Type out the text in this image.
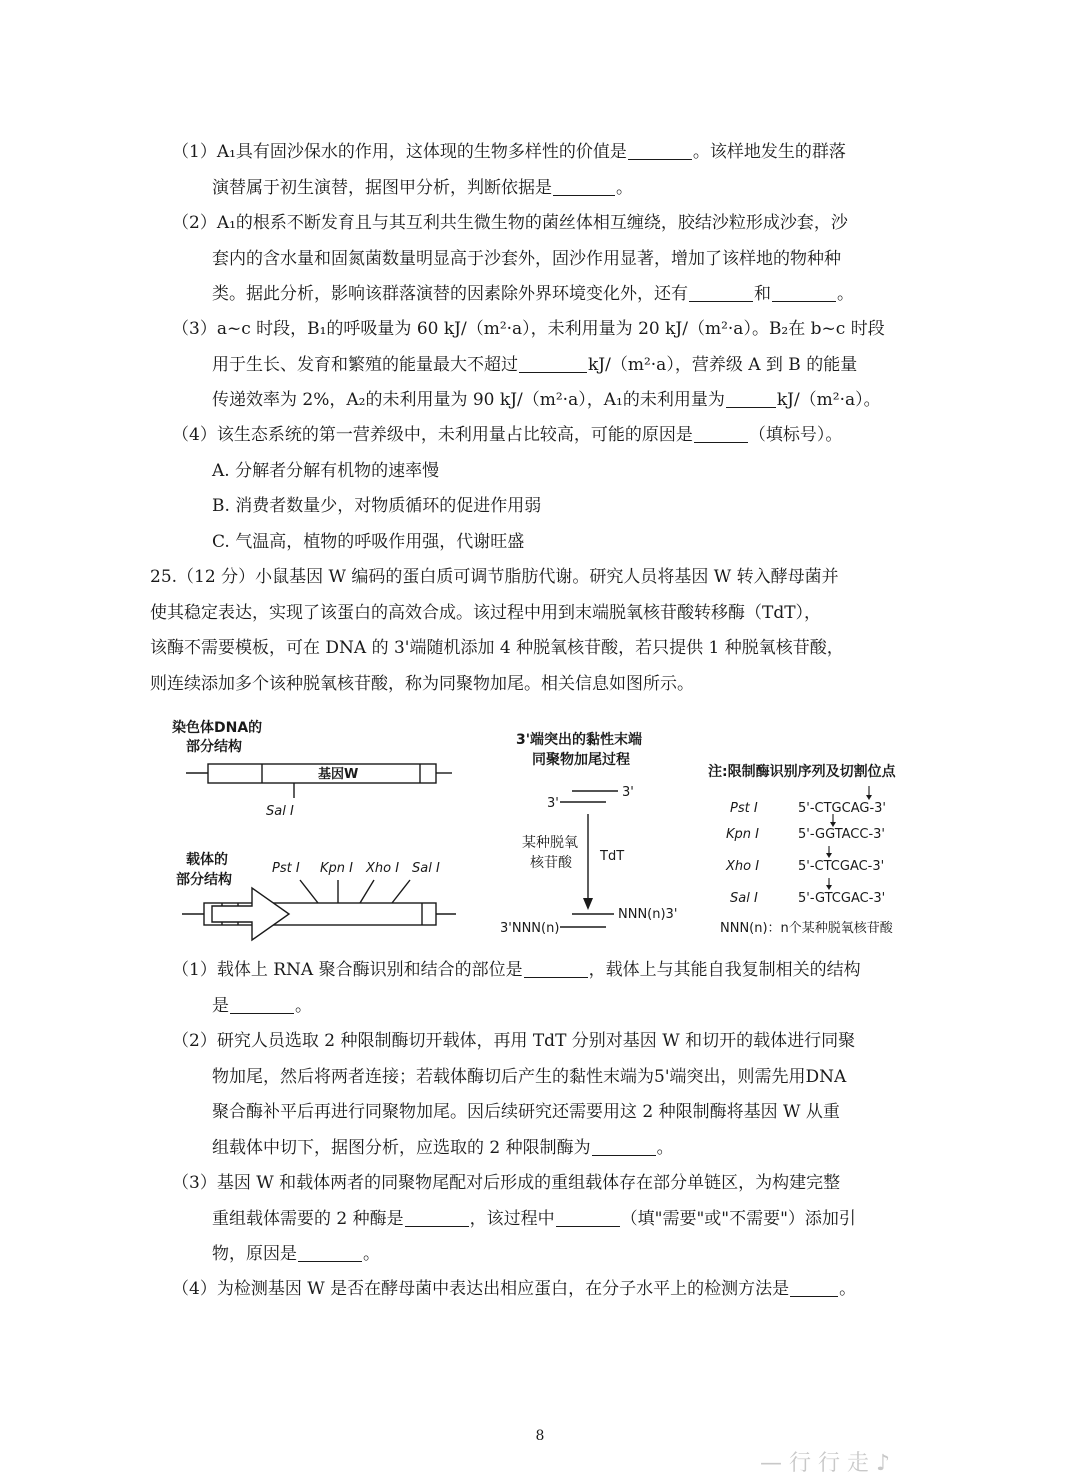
（1）A₁具有固沙保水的作用，这体现的生物多样性的价值是	。该样地发生的群落
演替属于初生演替，据图甲分析，判断依据是	。
（2）A₁的根系不断发育且与其互利共生微生物的菌丝体相互缠绕，胶结沙粒形成沙套，沙
套内的含水量和固氮菌数量明显高于沙套外，固沙作用显著，增加了该样地的物种种
类。据此分析，影响该群落演替的因素除外界环境变化外，还有	和	。
（3）a~c 时段，B₁的呼吸量为 60 kJ/（m²·a），未利用量为 20 kJ/（m²·a）。B₂在 b~c 时段
用于生长、发育和繁殖的能量最大不超过	kJ/（m²·a），营养级 A 到 B 的能量
传递效率为 2%，A₂的未利用量为 90 kJ/（m²·a），A₁的未利用量为	kJ/（m²·a）。
（4）该生态系统的第一营养级中，未利用量占比较高，可能的原因是	（填标号）。
A. 分解者分解有机物的速率慢
B. 消费者数量少，对物质循环的促进作用弱
C. 气温高，植物的呼吸作用强，代谢旺盛
25.（12 分）小鼠基因 W 编码的蛋白质可调节脂肪代谢。研究人员将基因 W 转入酵母菌并
使其稳定表达，实现了该蛋白的高效合成。该过程中用到末端脱氧核苷酸转移酶（TdT），
该酶不需要模板，可在 DNA 的 3'端随机添加 4 种脱氧核苷酸，若只提供 1 种脱氧核苷酸，
则连续添加多个该种脱氧核苷酸，称为同聚物加尾。相关信息如图所示。
染色体DNA的
部分结构
基因W
Sal Ⅰ
载体的
部分结构
Pst Ⅰ Kpn Ⅰ Xho Ⅰ Sal Ⅰ
3'端突出的黏性末端
同聚物加尾过程
3'
3'
某种脱氧
核苷酸 TdT
NNN(n)3'
3'NNN(n)
注:限制酶识别序列及切割位点
Pst Ⅰ	5'-CTGCAG-3'
Kpn Ⅰ	5'-GGTACC-3'
Xho Ⅰ	5'-CTCGAC-3'
Sal Ⅰ	5'-GTCGAC-3'
NNN(n)：n个某种脱氧核苷酸
（1）载体上 RNA 聚合酶识别和结合的部位是	，载体上与其能自我复制相关的结构
是	。
（2）研究人员选取 2 种限制酶切开载体，再用 TdT 分别对基因 W 和切开的载体进行同聚
物加尾，然后将两者连接；若载体酶切后产生的黏性末端为5'端突出，则需先用DNA
聚合酶补平后再进行同聚物加尾。因后续研究还需要用这 2 种限制酶将基因 W 从重
组载体中切下，据图分析，应选取的 2 种限制酶为	。
（3）基因 W 和载体两者的同聚物尾配对后形成的重组载体存在部分单链区，为构建完整
重组载体需要的 2 种酶是	，该过程中	（填"需要"或"不需要"）添加引
物，原因是	。
（4）为检测基因 W 是否在酵母菌中表达出相应蛋白，在分子水平上的检测方法是	。
8
— 行 行 走 ♪
